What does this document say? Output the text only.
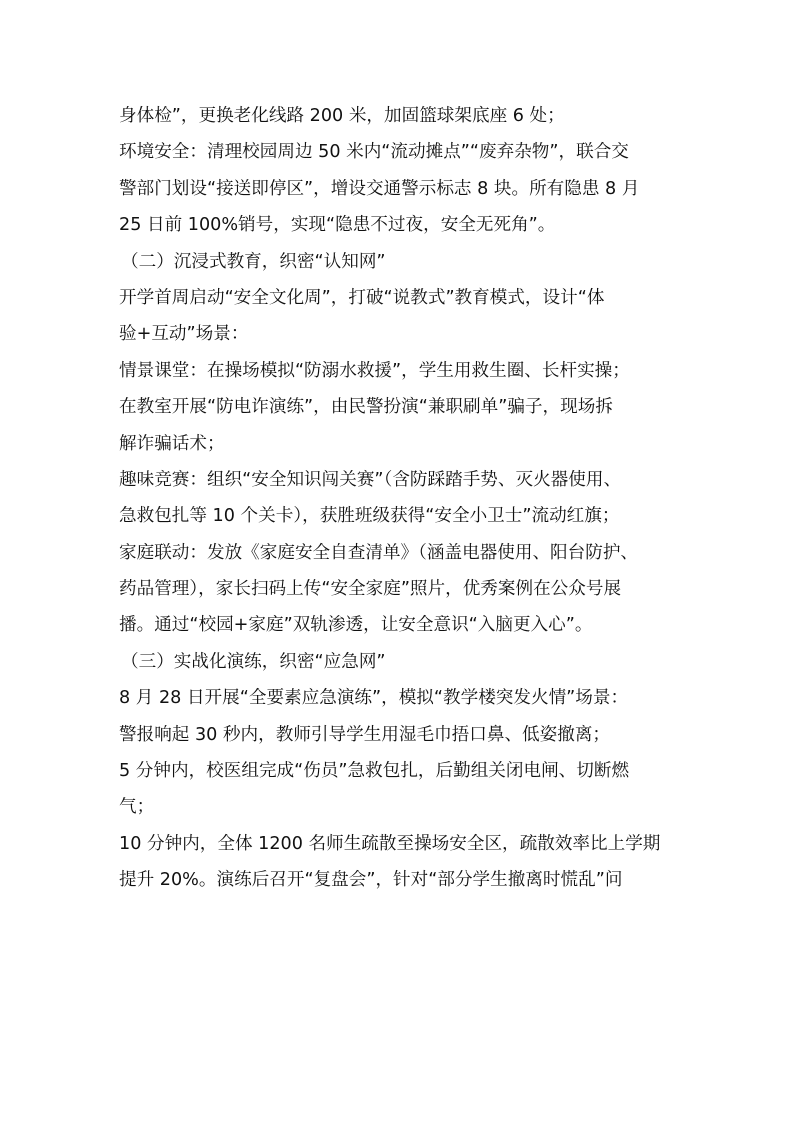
身体检”，更换老化线路 200 米，加固篮球架底座 6 处；
环境安全：清理校园周边 50 米内“流动摊点”“废弃杂物”，联合交
警部门划设“接送即停区”，增设交通警示标志 8 块。所有隐患 8 月
25 日前 100%销号，实现“隐患不过夜，安全无死角”。
（二）沉浸式教育，织密“认知网”
开学首周启动“安全文化周”，打破“说教式”教育模式，设计“体
验+互动”场景：
情景课堂：在操场模拟“防溺水救援”，学生用救生圈、长杆实操；
在教室开展“防电诈演练”，由民警扮演“兼职刷单”骗子，现场拆
解诈骗话术；
趣味竞赛：组织“安全知识闯关赛”（含防踩踏手势、灭火器使用、
急救包扎等 10 个关卡），获胜班级获得“安全小卫士”流动红旗；
家庭联动：发放《家庭安全自查清单》（涵盖电器使用、阳台防护、
药品管理），家长扫码上传“安全家庭”照片，优秀案例在公众号展
播。通过“校园+家庭”双轨渗透，让安全意识“入脑更入心”。
（三）实战化演练，织密“应急网”
8 月 28 日开展“全要素应急演练”，模拟“教学楼突发火情”场景：
警报响起 30 秒内，教师引导学生用湿毛巾捂口鼻、低姿撤离；
5 分钟内，校医组完成“伤员”急救包扎，后勤组关闭电闸、切断燃
气；
10 分钟内，全体 1200 名师生疏散至操场安全区，疏散效率比上学期
提升 20%。演练后召开“复盘会”，针对“部分学生撤离时慌乱”问
